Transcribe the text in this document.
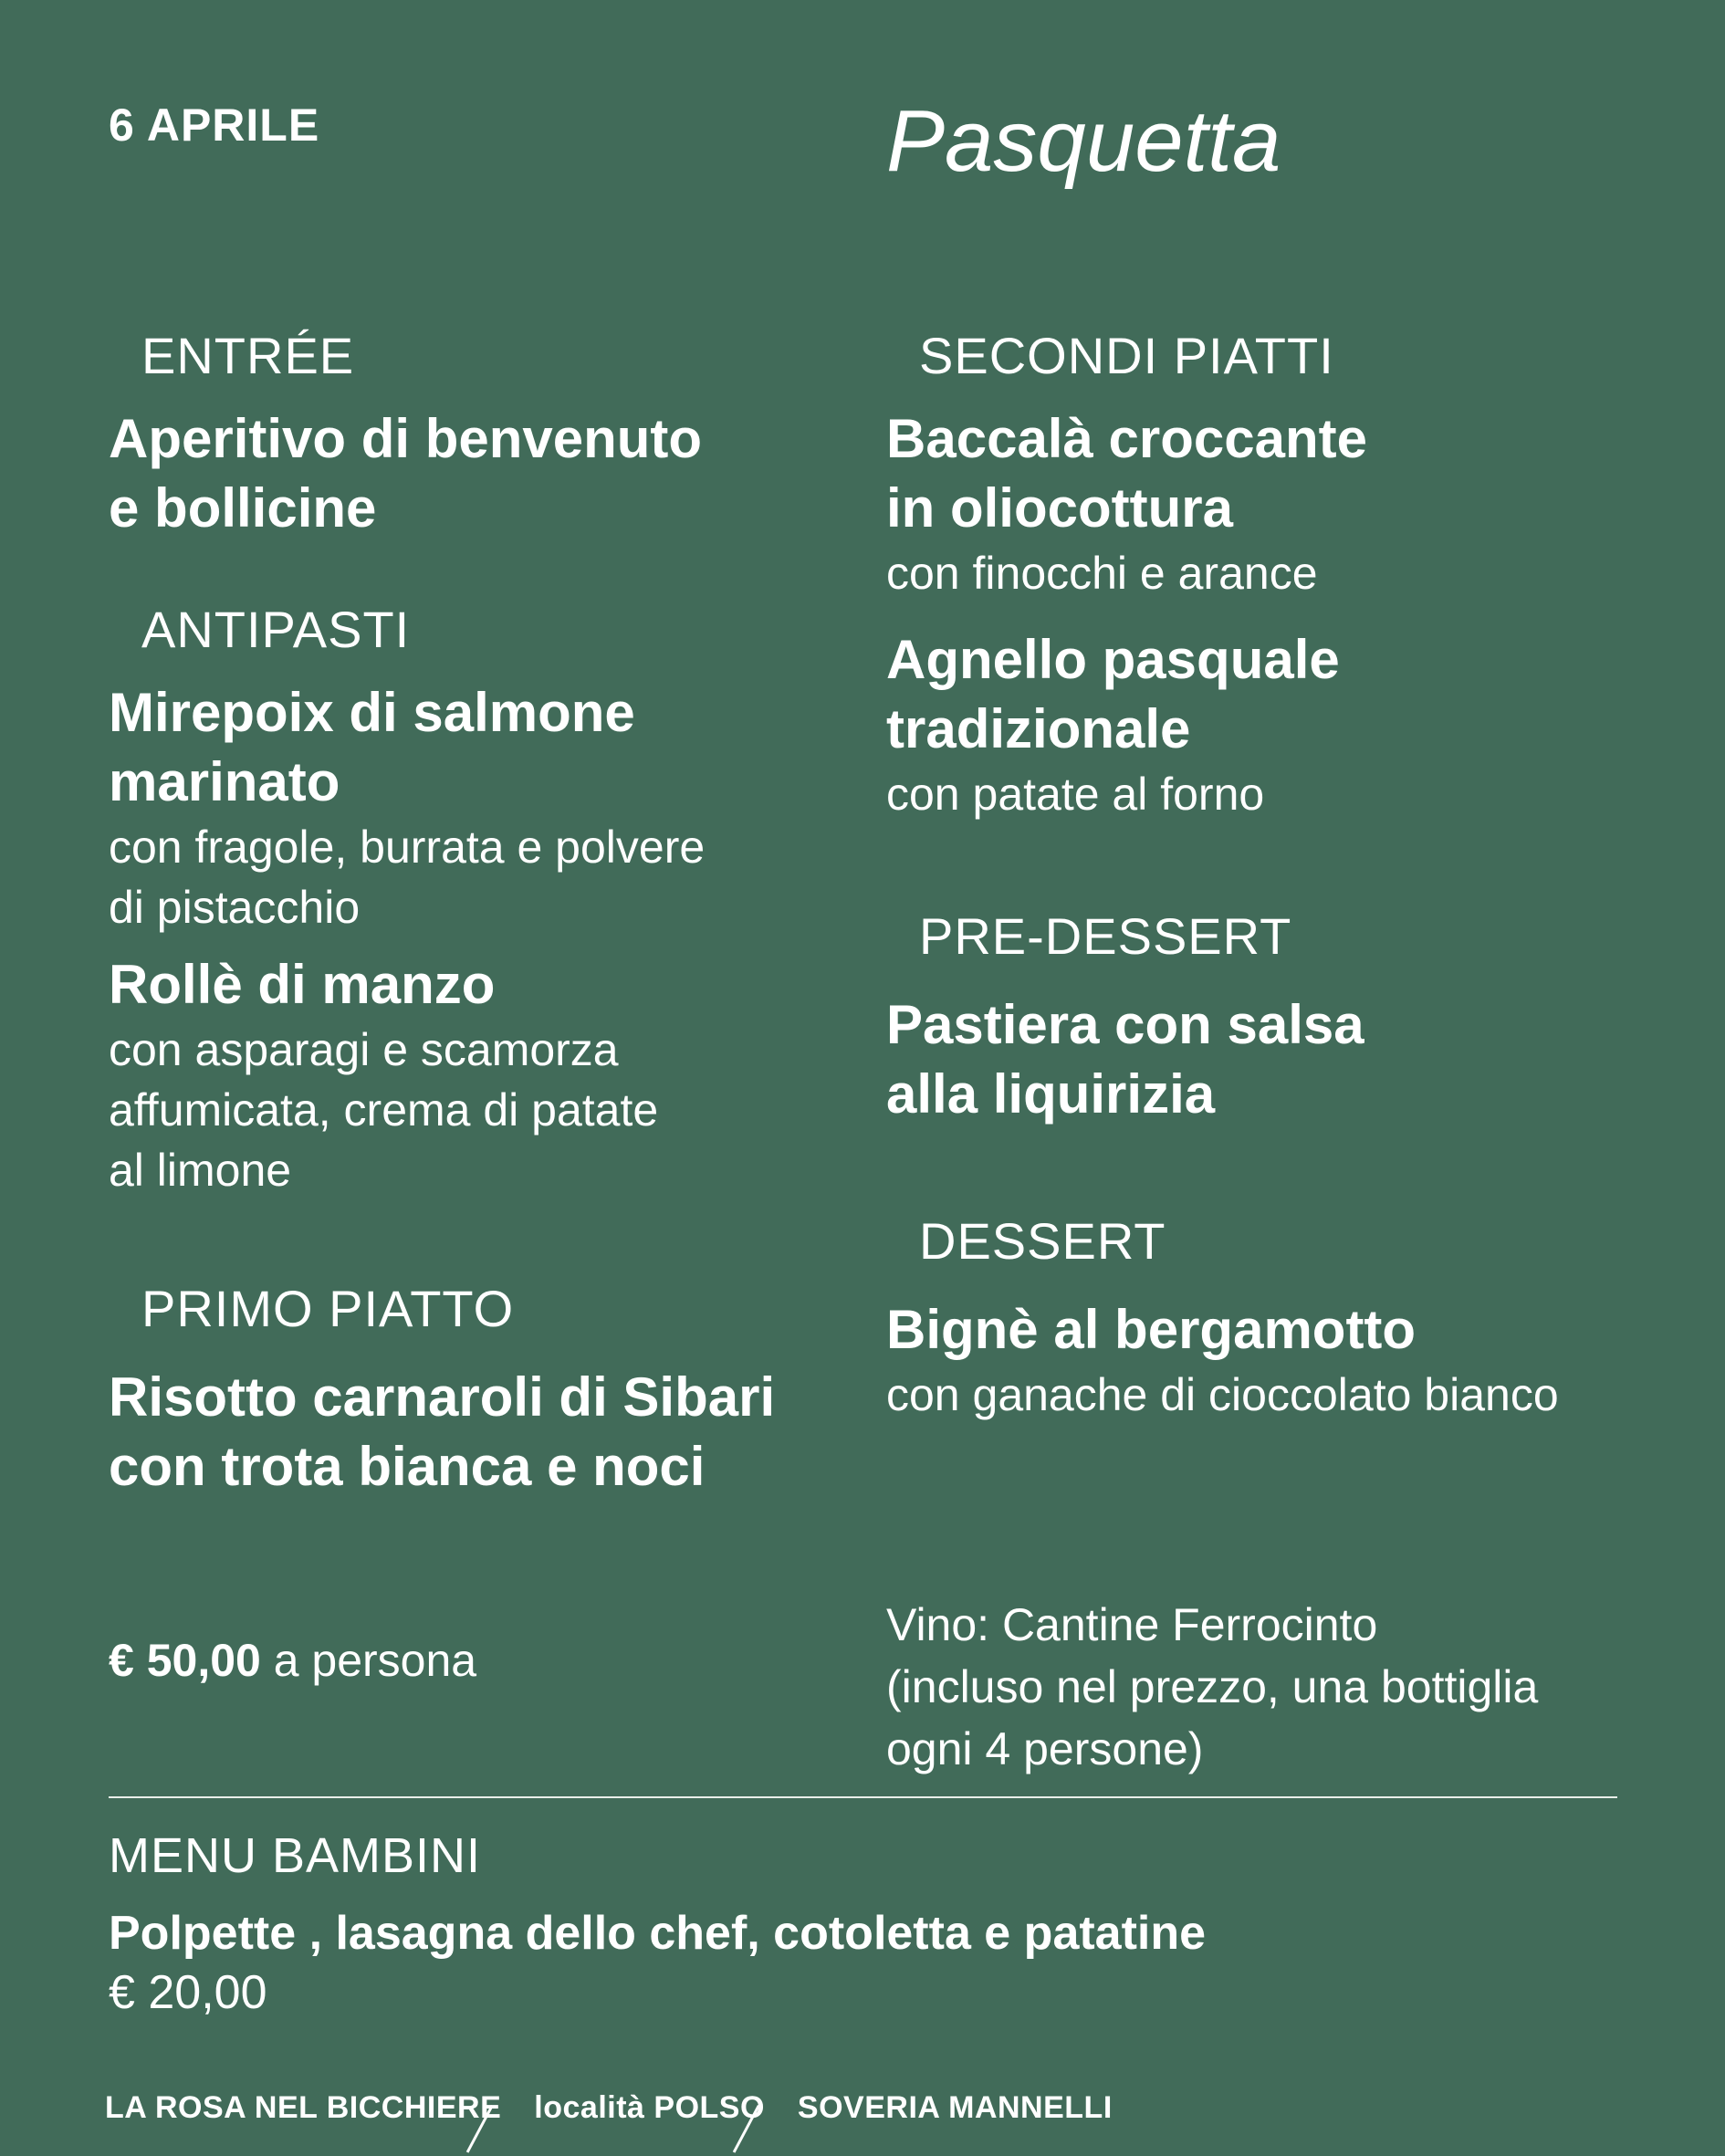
6 APRILE	Pasquetta
ENTRÉE
Aperitivo di benvenuto
e bollicine
ANTIPASTI
Mirepoix di salmone
marinato
con fragole, burrata e polvere
di pistacchio
Rollè di manzo
con asparagi e scamorza
affumicata, crema di patate
al limone
PRIMO PIATTO
Risotto carnaroli di Sibari
con trota bianca e noci
€ 50,00 a persona
SECONDI PIATTI
Baccalà croccante
in oliocottura
con finocchi e arance
Agnello pasquale
tradizionale
con patate al forno
PRE-DESSERT
Pastiera con salsa
alla liquirizia
DESSERT
Bignè al bergamotto
con ganache di cioccolato bianco
Vino: Cantine Ferrocinto
(incluso nel prezzo, una bottiglia
ogni 4 persone)
MENU BAMBINI
Polpette , lasagna dello chef, cotoletta e patatine
€ 20,00
LA ROSA NEL BICCHIERE località POLSO SOVERIA MANNELLI
